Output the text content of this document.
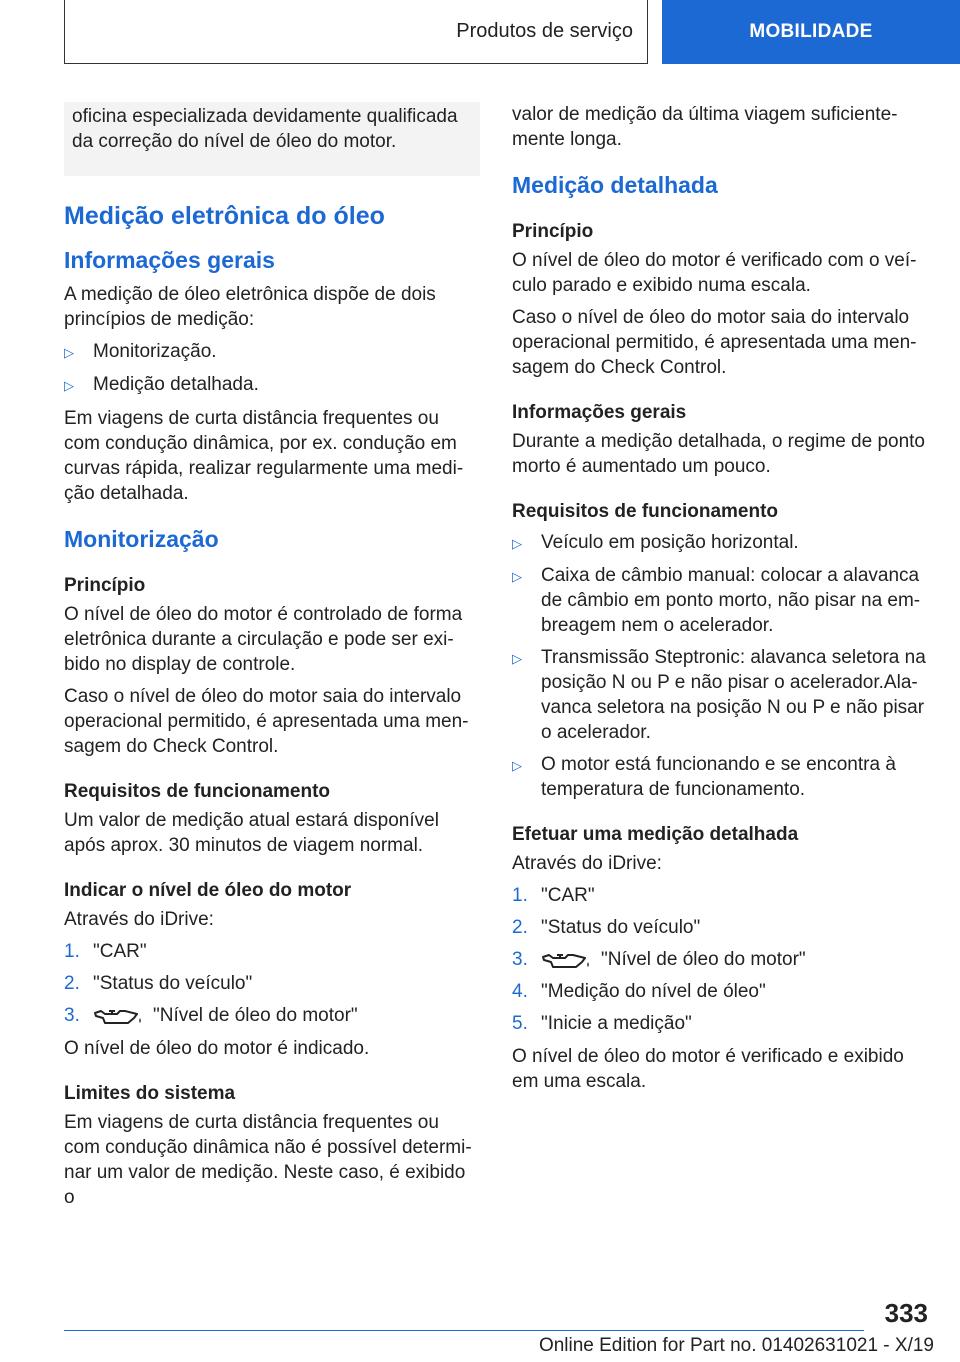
Produtos de serviço	MOBILIDADE

oficina especializada devidamente qualificada da correção do nível de óleo do motor.

Medição eletrônica do óleo
Informações gerais

A medição de óleo eletrônica dispõe de dois princípios de medição:

▷	Monitorização.
▷	Medição detalhada.

Em viagens de curta distância frequentes ou com condução dinâmica, por ex. condução em curvas rápida, realizar regularmente uma medi- ção detalhada.

Monitorização
Princípio

O nível de óleo do motor é controlado de forma eletrônica durante a circulação e pode ser exi- bido no display de controle.

Caso o nível de óleo do motor saia do intervalo operacional permitido, é apresentada uma men- sagem do Check Control.

Requisitos de funcionamento

Um valor de medição atual estará disponível após aprox. 30 minutos de viagem normal.

Indicar o nível de óleo do motor

Através do iDrive:

1. "CAR"
2. "Status do veículo"
3.	"Nível de óleo do motor"

O nível de óleo do motor é indicado.

Limites do sistema

Em viagens de curta distância frequentes ou com condução dinâmica não é possível determi- nar um valor de medição. Neste caso, é exibido o

valor de medição da última viagem suficiente- mente longa.

Medição detalhada
Princípio

O nível de óleo do motor é verificado com o veí- culo parado e exibido numa escala.

Caso o nível de óleo do motor saia do intervalo operacional permitido, é apresentada uma men- sagem do Check Control.

Informações gerais

Durante a medição detalhada, o regime de ponto morto é aumentado um pouco.

Requisitos de funcionamento
▷	Veículo em posição horizontal.
▷	Caixa de câmbio manual: colocar a alavanca de câmbio em ponto morto, não pisar na em- breagem nem o acelerador.
▷	Transmissão Steptronic: alavanca seletora na posição N ou P e não pisar o acelerador.Ala- vanca seletora na posição N ou P e não pisar o acelerador.
▷	O motor está funcionando e se encontra à temperatura de funcionamento.
Efetuar uma medição detalhada

Através do iDrive:

1. "CAR"
2. "Status do veículo"
3.	"Nível de óleo do motor"
4. "Medição do nível de óleo"
5. "Inicie a medição"

O nível de óleo do motor é verificado e exibido em uma escala.

333
Online Edition for Part no. 01402631021 - X/19
